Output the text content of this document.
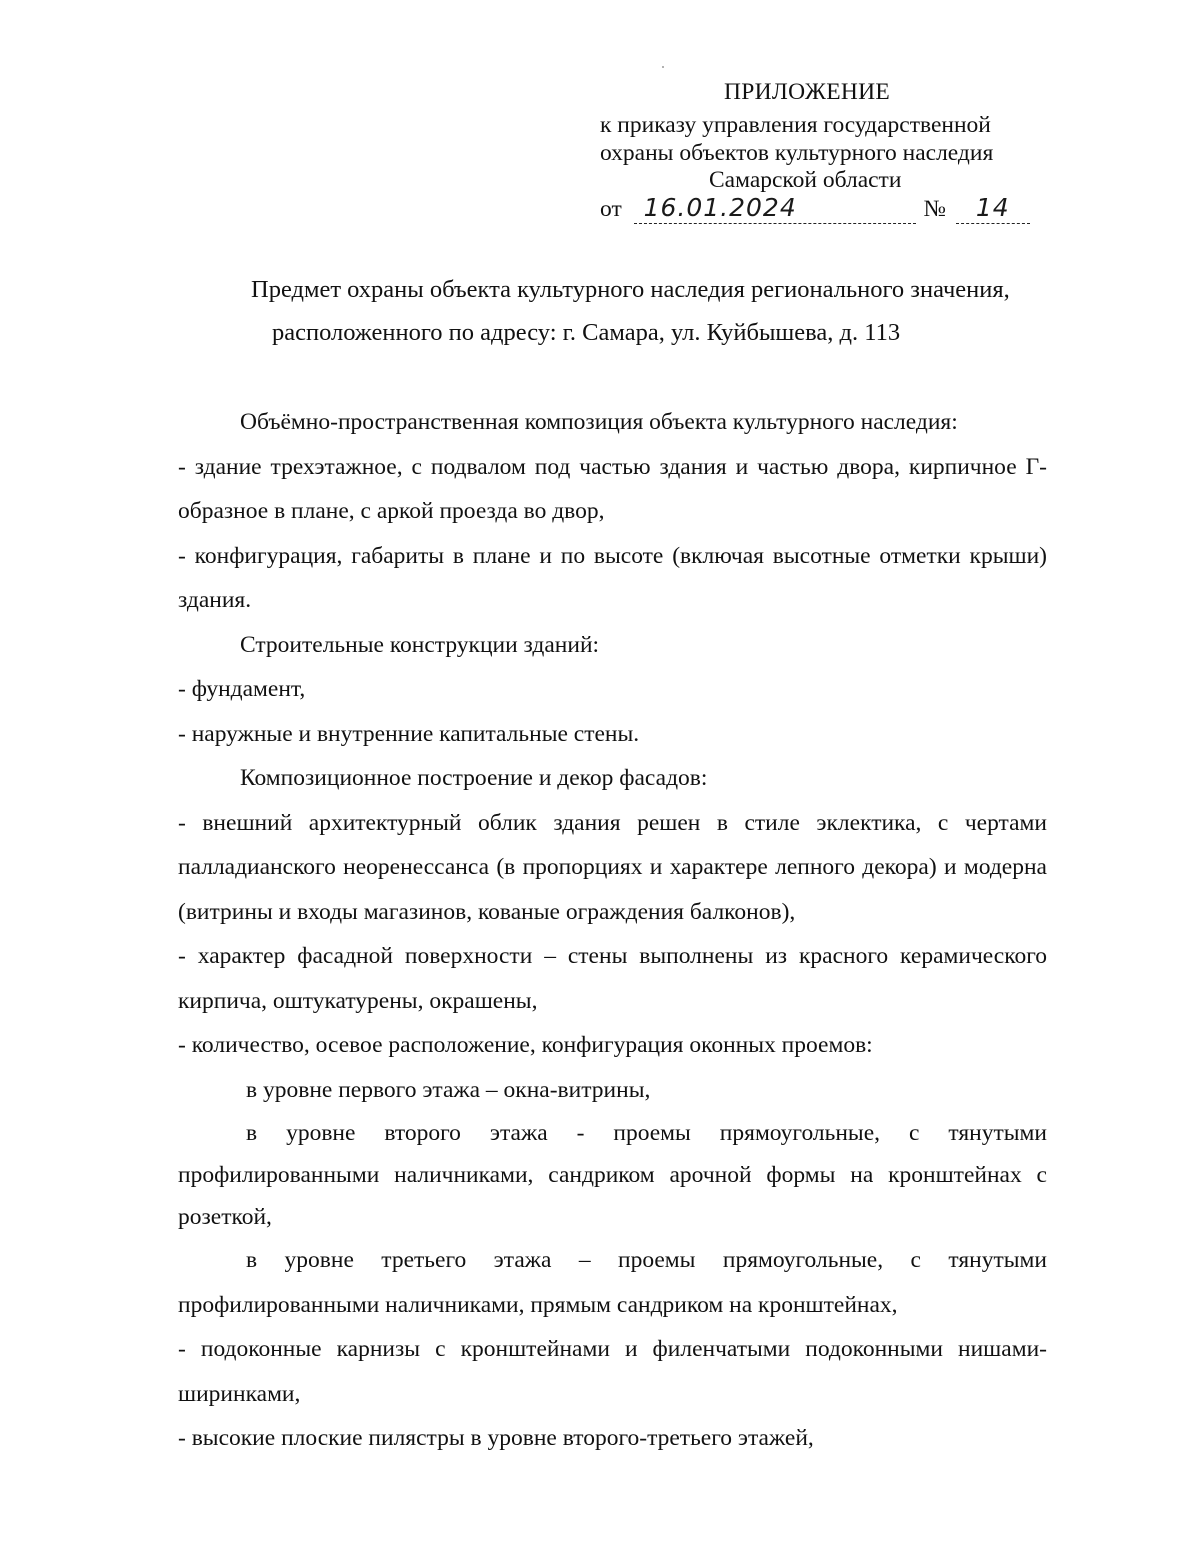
ПРИЛОЖЕНИЕ
к приказу управления государственной
охраны объектов культурного наследия
Самарской области
от 16.01.2024	№ 14
Предмет охраны объекта культурного наследия регионального значения,
расположенного по адресу: г. Самара, ул. Куйбышева, д. 113

Объёмно-пространственная композиция объекта культурного наследия:

- здание трехэтажное, с подвалом под частью здания и частью двора, кирпичное Г-образное в плане, с аркой проезда во двор,

- конфигурация, габариты в плане и по высоте (включая высотные отметки крыши) здания.

Строительные конструкции зданий:

- фундамент,

- наружные и внутренние капитальные стены.

Композиционное построение и декор фасадов:

- внешний архитектурный облик здания решен в стиле эклектика, с чертами палладианского неоренессанса (в пропорциях и характере лепного декора) и модерна (витрины и входы магазинов, кованые ограждения балконов),

- характер фасадной поверхности – стены выполнены из красного керамического кирпича, оштукатурены, окрашены,

- количество, осевое расположение, конфигурация оконных проемов:

в уровне первого этажа – окна-витрины,

в уровне второго этажа - проемы прямоугольные, с тянутыми профилированными наличниками, сандриком арочной формы на кронштейнах с розеткой,

в уровне третьего этажа – проемы прямоугольные, с тянутыми профилированными наличниками, прямым сандриком на кронштейнах,

- подоконные карнизы с кронштейнами и филенчатыми подоконными нишами-ширинками,

- высокие плоские пилястры в уровне второго-третьего этажей,
